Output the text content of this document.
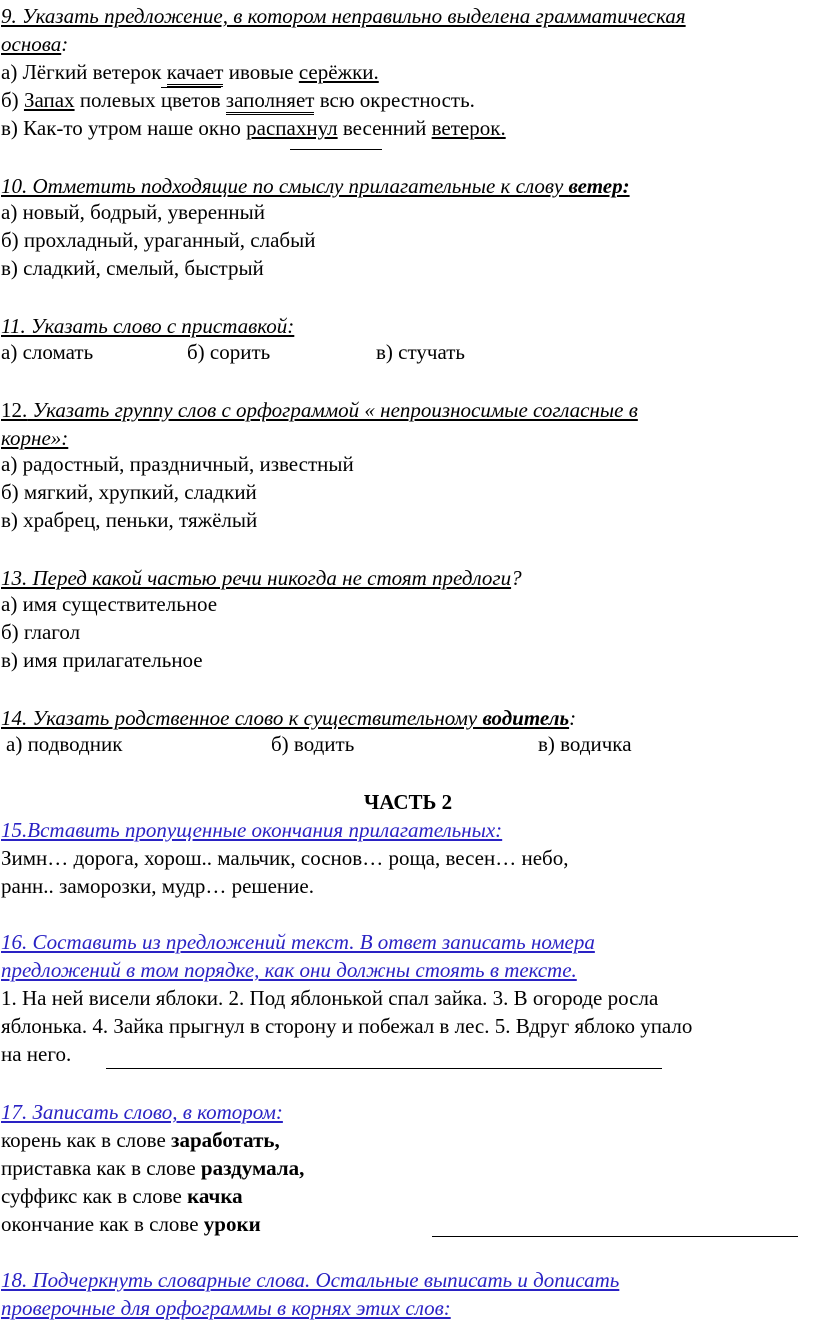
9. Указать предложение, в котором неправильно выделена грамматическая
основа:
а) Лёгкий ветерок качает ивовые серёжки.
б) Запах полевых цветов заполняет всю окрестность.
в) Как-то утром наше окно распахнул весенний ветерок.
10. Отметить подходящие по смыслу прилагательные к слову ветер:
а) новый, бодрый, уверенный
б) прохладный, ураганный, слабый
в) сладкий, смелый, быстрый
11. Указать слово с приставкой:
а) сломать	б) сорить	в) стучать
12. Указать группу слов с орфограммой « непроизносимые согласные в
корне»:
а) радостный, праздничный, известный
б) мягкий, хрупкий, сладкий
в) храбрец, пеньки, тяжёлый
13. Перед какой частью речи никогда не стоят предлоги?
а) имя существительное
б) глагол
в) имя прилагательное
14. Указать родственное слово к существительному водитель:
а) подводник	б) водить	в) водичка
ЧАСТЬ 2
15.Вставить пропущенные окончания прилагательных:
Зимн… дорога, хорош.. мальчик, соснов… роща, весен… небо,
ранн.. заморозки, мудр… решение.
16. Составить из предложений текст. В ответ записать номера
предложений в том порядке, как они должны стоять в тексте.
1. На ней висели яблоки. 2. Под яблонькой спал зайка. 3. В огороде росла
яблонька. 4. Зайка прыгнул в сторону и побежал в лес. 5. Вдруг яблоко упало
на него.
17. Записать слово, в котором:
корень как в слове заработать,
приставка как в слове раздумала,
суффикс как в слове качка
окончание как в слове уроки
18. Подчеркнуть словарные слова. Остальные выписать и дописать
проверочные для орфограммы в корнях этих слов:
